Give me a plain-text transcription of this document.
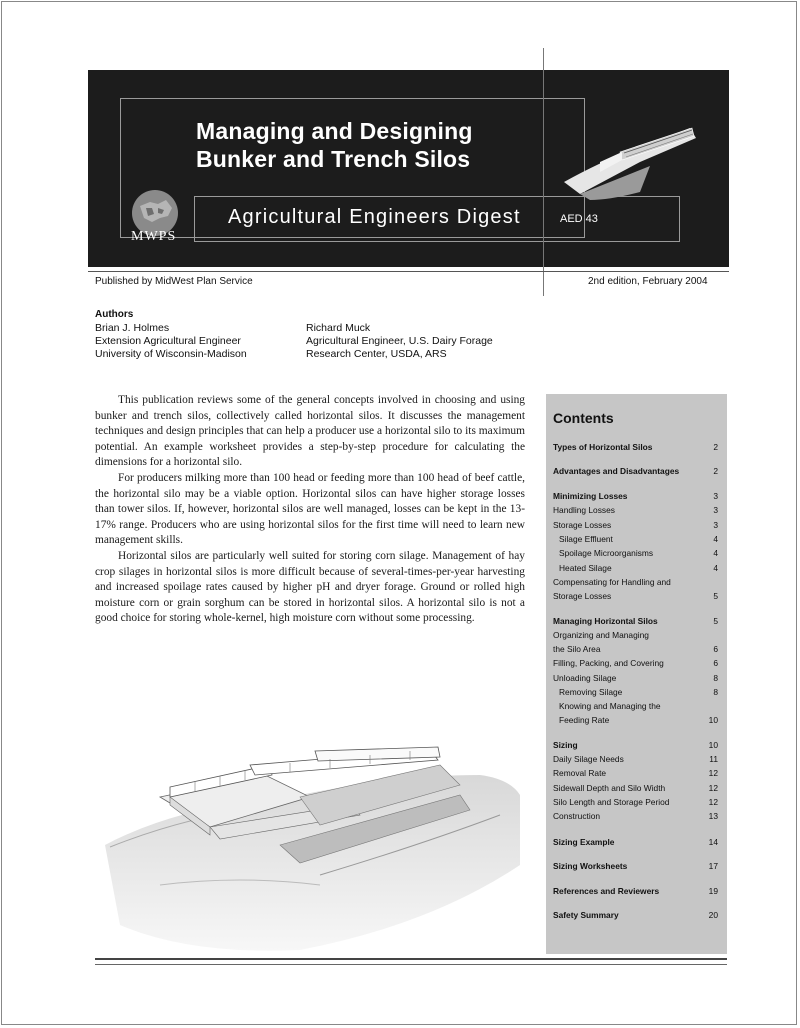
Managing and Designing
Bunker and Trench Silos
Agricultural Engineers Digest	AED 43
MWPS
Published by MidWest Plan Service	2nd edition, February 2004
Authors
Brian J. Holmes
Extension Agricultural Engineer
University of Wisconsin-Madison
Richard Muck
Agricultural Engineer, U.S. Dairy Forage
Research Center, USDA, ARS

This publication reviews some of the general concepts involved in choosing and using bunker and trench silos, collectively called horizontal silos. It discusses the management techniques and design principles that can help a producer use a horizontal silo to its maximum potential. An example worksheet provides a step-by-step procedure for calculating the dimensions for a horizontal silo.

For producers milking more than 100 head or feeding more than 100 head of beef cattle, the horizontal silo may be a viable option. Horizontal silos can have higher storage losses than tower silos. If, however, horizontal silos are well managed, losses can be kept in the 13-17% range. Producers who are using horizontal silos for the first time will need to learn new management skills.

Horizontal silos are particularly well suited for storing corn silage. Management of hay crop silages in horizontal silos is more difficult because of several-times-per-year harvesting and increased spoilage rates caused by higher pH and dryer forage. Ground or rolled high moisture corn or grain sorghum can be stored in horizontal silos. A horizontal silo is not a good choice for storing whole-kernel, high moisture corn without some processing.

Contents
Types of Horizontal Silos	2
Advantages and Disadvantages	2
Minimizing Losses	3
Handling Losses	3
Storage Losses	3
Silage Effluent	4
Spoilage Microorganisms	4
Heated Silage	4
Compensating for Handling and
Storage Losses	5
Managing Horizontal Silos	5
Organizing and Managing
the Silo Area	6
Filling, Packing, and Covering	6
Unloading Silage	8
Removing Silage	8
Knowing and Managing the
Feeding Rate	10
Sizing	10
Daily Silage Needs	11
Removal Rate	12
Sidewall Depth and Silo Width	12
Silo Length and Storage Period	12
Construction	13
Sizing Example	14
Sizing Worksheets	17
References and Reviewers	19
Safety Summary	20
